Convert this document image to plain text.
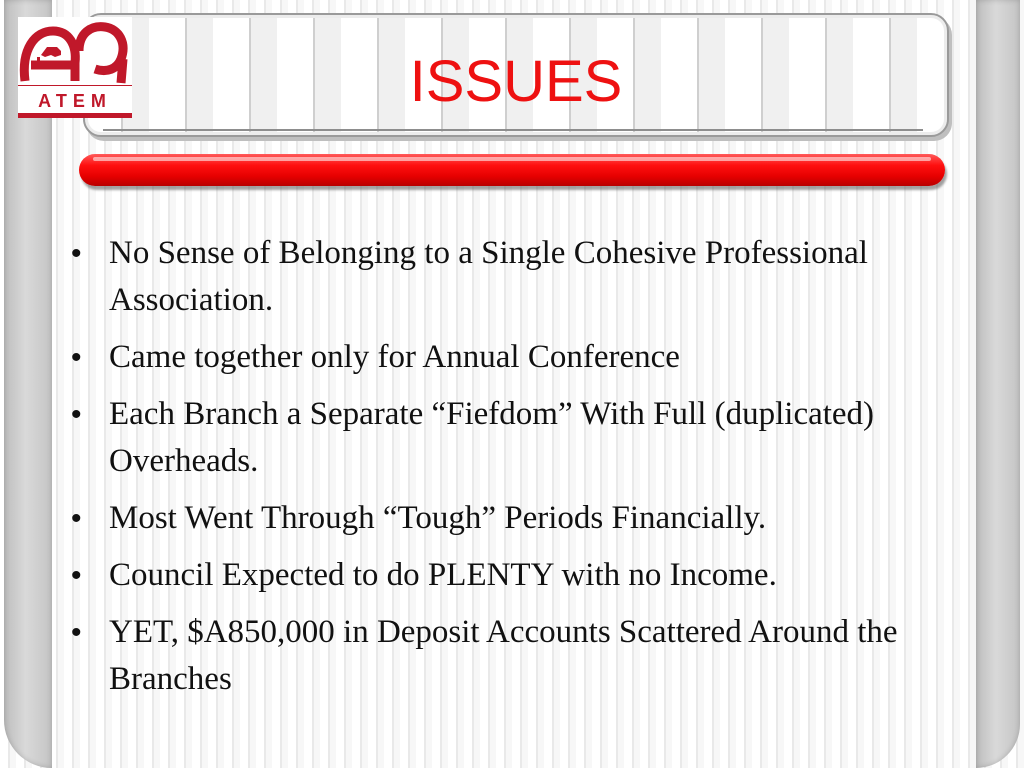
ISSUES
ATEM
• No Sense of Belonging to a Single Cohesive Professional Association.
• Came together only for Annual Conference
• Each Branch a Separate “Fiefdom” With Full (duplicated) Overheads.
• Most Went Through “Tough” Periods Financially.
• Council Expected to do PLENTY with no Income.
• YET, $A850,000 in Deposit Accounts Scattered Around the Branches
